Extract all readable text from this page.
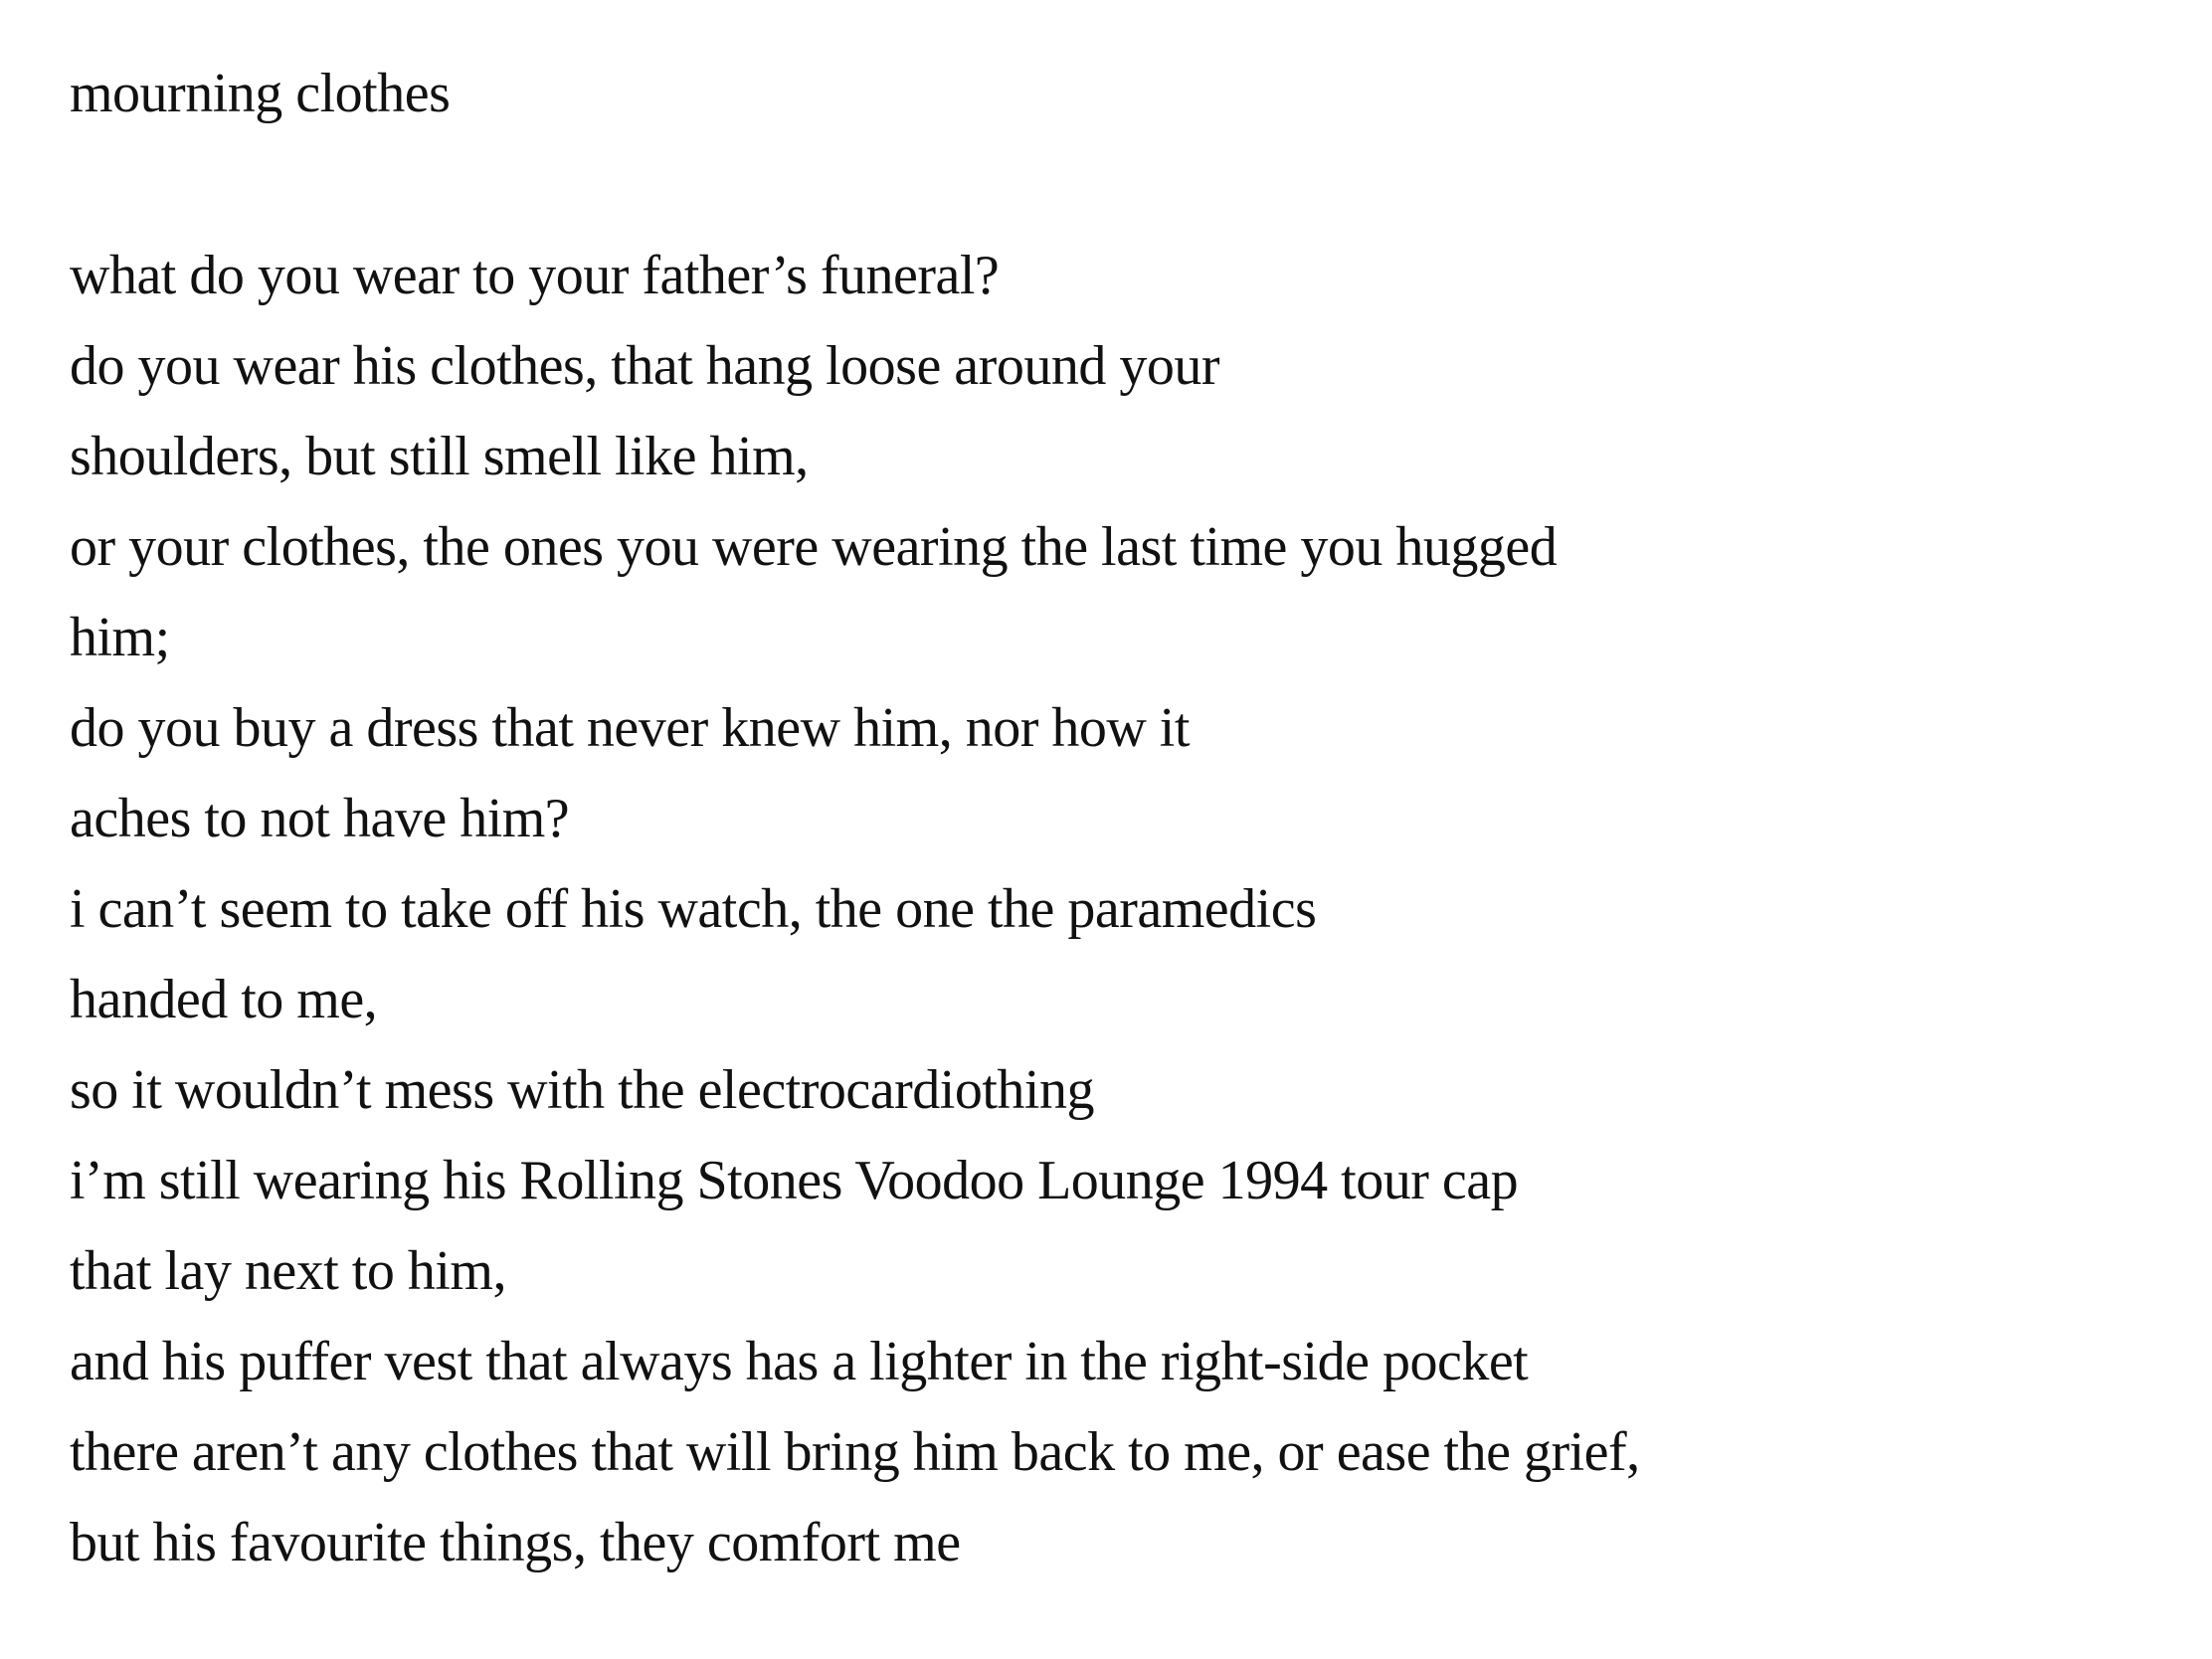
mourning clothes
what do you wear to your father’s funeral?
do you wear his clothes, that hang loose around your
shoulders, but still smell like him,
or your clothes, the ones you were wearing the last time you hugged
him;
do you buy a dress that never knew him, nor how it
aches to not have him?
i can’t seem to take off his watch, the one the paramedics
handed to me,
so it wouldn’t mess with the electrocardiothing
i’m still wearing his Rolling Stones Voodoo Lounge 1994 tour cap
that lay next to him,
and his puffer vest that always has a lighter in the right-side pocket
there aren’t any clothes that will bring him back to me, or ease the grief,
but his favourite things, they comfort me
